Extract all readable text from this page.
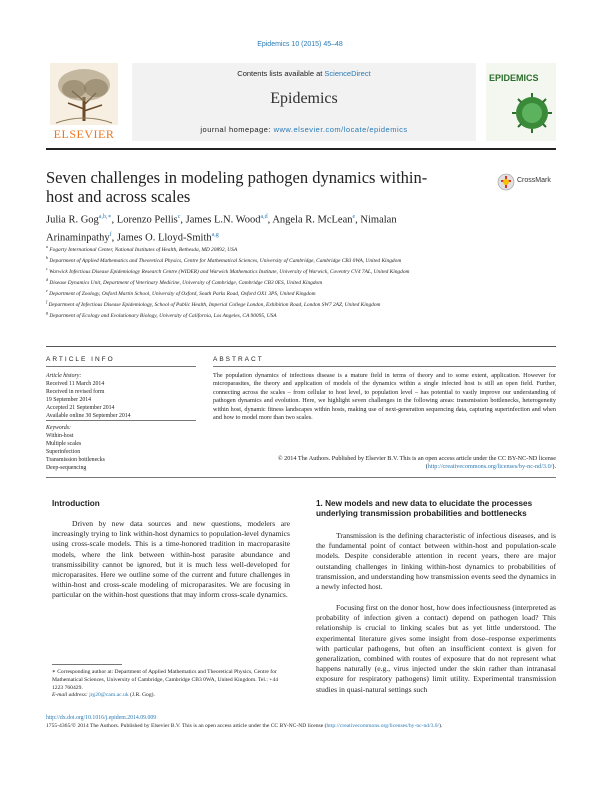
Epidemics 10 (2015) 45–48
ELSEVIER
Contents lists available at ScienceDirect
Epidemics
journal homepage: www.elsevier.com/locate/epidemics
EPIDEMICS
Seven challenges in modeling pathogen dynamics within-host and across scales
CrossMark
Julia R. Gog$^{a,b,∗}$, Lorenzo Pellis$^c$, James L.N. Wood$^{a,d}$, Angela R. McLean$^e$, Nimalan Arinaminpathy$^f$, James O. Lloyd-Smith$^{a,g}$
$^a$ Fogarty International Center, National Institutes of Health, Bethesda, MD 20892, USA
$^b$ Department of Applied Mathematics and Theoretical Physics, Centre for Mathematical Sciences, University of Cambridge, Cambridge CB3 0WA, United Kingdom
$^c$ Warwick Infectious Disease Epidemiology Research Centre (WIDER) and Warwick Mathematics Institute, University of Warwick, Coventry CV4 7AL, United Kingdom
$^d$ Disease Dynamics Unit, Department of Veterinary Medicine, University of Cambridge, Cambridge CB3 0ES, United Kingdom
$^e$ Department of Zoology, Oxford Martin School, University of Oxford, South Parks Road, Oxford OX1 3PS, United Kingdom
$^f$ Department of Infectious Disease Epidemiology, School of Public Health, Imperial College London, Exhibition Road, London SW7 2AZ, United Kingdom
$^g$ Department of Ecology and Evolutionary Biology, University of California, Los Angeles, CA 90095, USA
ARTICLE INFO
Article history:
Received 11 March 2014
Received in revised form
19 September 2014
Accepted 21 September 2014
Available online 30 September 2014
Keywords:
Within-host
Multiple scales
Superinfection
Transmission bottlenecks
Deep-sequencing
ABSTRACT
The population dynamics of infectious disease is a mature field in terms of theory and to some extent, application. However for microparasites, the theory and application of models of the dynamics within a single infected host is still an open field. Further, connecting across the scales – from cellular to host level, to population level – has potential to vastly improve our understanding of pathogen dynamics and evolution. Here, we highlight seven challenges in the following areas: transmission bottlenecks, heterogeneity within host, dynamic fitness landscapes within hosts, making use of next-generation sequencing data, capturing superinfection and when and how to model more than two scales.
© 2014 The Authors. Published by Elsevier B.V. This is an open access article under the CC BY-NC-ND license (http://creativecommons.org/licenses/by-nc-nd/3.0/).
Introduction
Driven by new data sources and new questions, modelers are increasingly trying to link within-host dynamics to population-level dynamics using cross-scale models. This is a time-honored tradition in macroparasite models, where the link between within-host parasite abundance and transmissibility cannot be ignored, but it is much less well-developed for microparasites. Here we outline some of the current and future challenges in within-host and cross-scale modeling of microparasites. We are focusing in particular on the within-host questions that may inform cross-scale dynamics.
1. New models and new data to elucidate the processes underlying transmission probabilities and bottlenecks
Transmission is the defining characteristic of infectious diseases, and is the fundamental point of contact between within-host and population-scale models. Despite considerable attention in recent years, there are major outstanding challenges in linking within-host dynamics to probabilities of transmission, and understanding how transmission events seed the dynamics in a newly infected host.
Focusing first on the donor host, how does infectiousness (interpreted as probability of infection given a contact) depend on pathogen load? This relationship is crucial to linking scales but as yet little understood. The experimental literature gives some insight from dose–response experiments with particular pathogens, but often an insufficient context is given for generalization, combined with routes of exposure that do not represent what happens naturally (e.g., virus injected under the skin rather than intranasal exposure for respiratory pathogens) limit utility. Experimental transmission studies in quasi-natural settings such
∗ Corresponding author at: Department of Applied Mathematics and Theoretical Physics, Centre for Mathematical Sciences, University of Cambridge, Cambridge CB3 0WA, United Kingdom. Tel.: +44 1223 760429.
E-mail address: jrg20@cam.ac.uk (J.R. Gog).
http://dx.doi.org/10.1016/j.epidem.2014.09.009
1755-4365/© 2014 The Authors. Published by Elsevier B.V. This is an open access article under the CC BY-NC-ND license (http://creativecommons.org/licenses/by-nc-nd/3.0/).
